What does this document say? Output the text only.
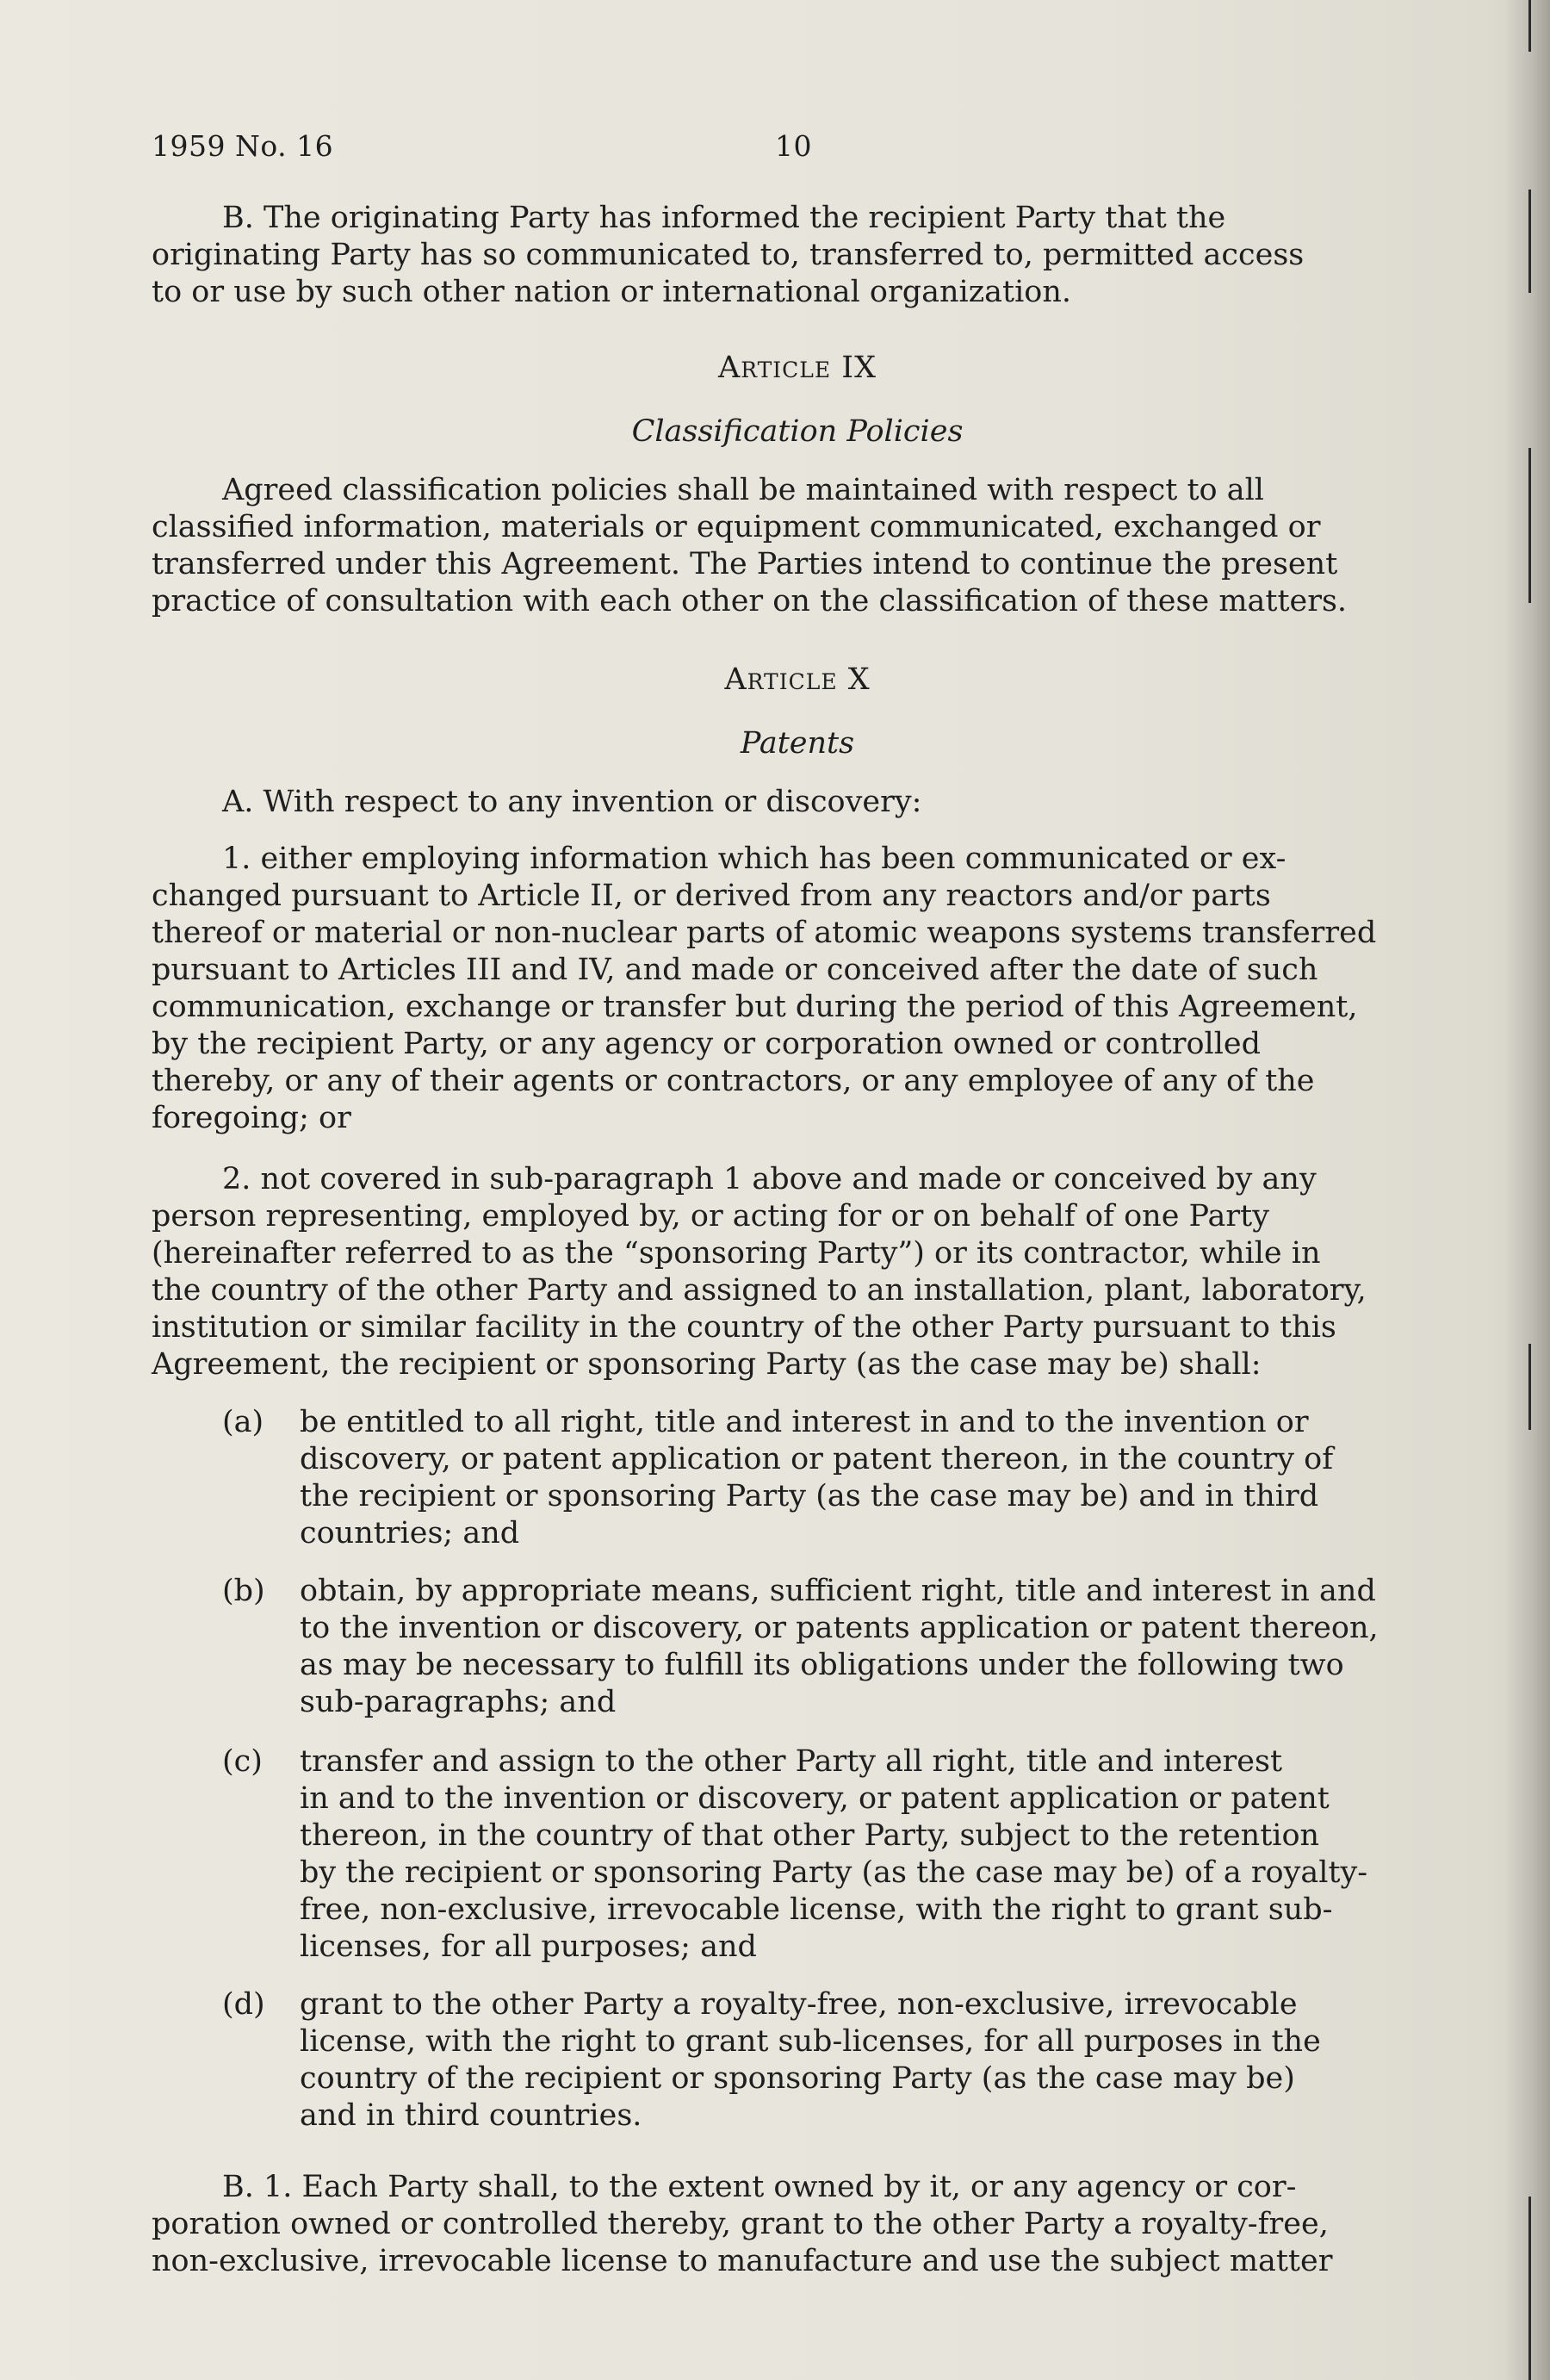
1959 No. 16	10
B. The originating Party has informed the recipient Party that the
originating Party has so communicated to, transferred to, permitted access
to or use by such other nation or international organization.
Article IX
Classification Policies
Agreed classification policies shall be maintained with respect to all
classified information, materials or equipment communicated, exchanged or
transferred under this Agreement. The Parties intend to continue the present
practice of consultation with each other on the classification of these matters.
Article X
Patents
A. With respect to any invention or discovery:
1. either employing information which has been communicated or ex-
changed pursuant to Article II, or derived from any reactors and/or parts
thereof or material or non-nuclear parts of atomic weapons systems transferred
pursuant to Articles III and IV, and made or conceived after the date of such
communication, exchange or transfer but during the period of this Agreement,
by the recipient Party, or any agency or corporation owned or controlled
thereby, or any of their agents or contractors, or any employee of any of the
foregoing; or
2. not covered in sub-paragraph 1 above and made or conceived by any
person representing, employed by, or acting for or on behalf of one Party
(hereinafter referred to as the “sponsoring Party”) or its contractor, while in
the country of the other Party and assigned to an installation, plant, laboratory,
institution or similar facility in the country of the other Party pursuant to this
Agreement, the recipient or sponsoring Party (as the case may be) shall:
(a) be entitled to all right, title and interest in and to the invention or
discovery, or patent application or patent thereon, in the country of
the recipient or sponsoring Party (as the case may be) and in third
countries; and
(b) obtain, by appropriate means, sufficient right, title and interest in and
to the invention or discovery, or patents application or patent thereon,
as may be necessary to fulfill its obligations under the following two
sub-paragraphs; and
(c) transfer and assign to the other Party all right, title and interest
in and to the invention or discovery, or patent application or patent
thereon, in the country of that other Party, subject to the retention
by the recipient or sponsoring Party (as the case may be) of a royalty-
free, non-exclusive, irrevocable license, with the right to grant sub-
licenses, for all purposes; and
(d) grant to the other Party a royalty-free, non-exclusive, irrevocable
license, with the right to grant sub-licenses, for all purposes in the
country of the recipient or sponsoring Party (as the case may be)
and in third countries.
B. 1. Each Party shall, to the extent owned by it, or any agency or cor-
poration owned or controlled thereby, grant to the other Party a royalty-free,
non-exclusive, irrevocable license to manufacture and use the subject matter
